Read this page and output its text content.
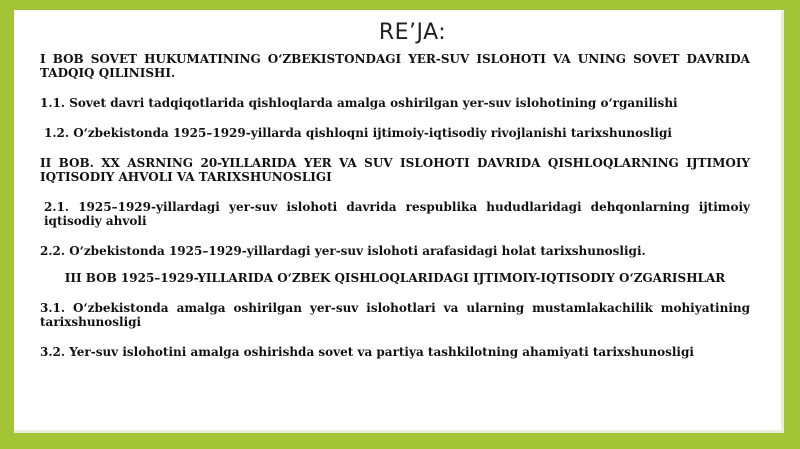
RE’JA:

I BOB SOVET HUKUMATINING O‘ZBEKISTONDAGI YER-SUV ISLOHOTI VA UNING SOVET DAVRIDA TADQIQ QILINISHI.

1.1. Sovet davri tadqiqotlarida qishloqlarda amalga oshirilgan yer-suv islohotining o‘rganilishi

1.2. O‘zbekistonda 1925–1929-yillarda qishloqni ijtimoiy-iqtisodiy rivojlanishi tarixshunosligi

II BOB. XX ASRNING 20-YILLARIDA YER VA SUV ISLOHOTI DAVRIDA QISHLOQLARNING IJTIMOIY IQTISODIY AHVOLI VA TARIXSHUNOSLIGI

2.1. 1925–1929-yillardagi yer-suv islohoti davrida respublika hududlaridagi dehqonlarning ijtimoiy iqtisodiy ahvoli

2.2. O‘zbekistonda 1925–1929-yillardagi yer-suv islohoti arafasidagi holat tarixshunosligi.

III BOB 1925–1929-YILLARIDA O‘ZBEK QISHLOQLARIDAGI IJTIMOIY-IQTISODIY O‘ZGARISHLAR

3.1. O‘zbekistonda amalga oshirilgan yer-suv islohotlari va ularning mustamlakachilik mohiyatining tarixshunosligi

3.2. Yer-suv islohotini amalga oshirishda sovet va partiya tashkilotning ahamiyati tarixshunosligi
